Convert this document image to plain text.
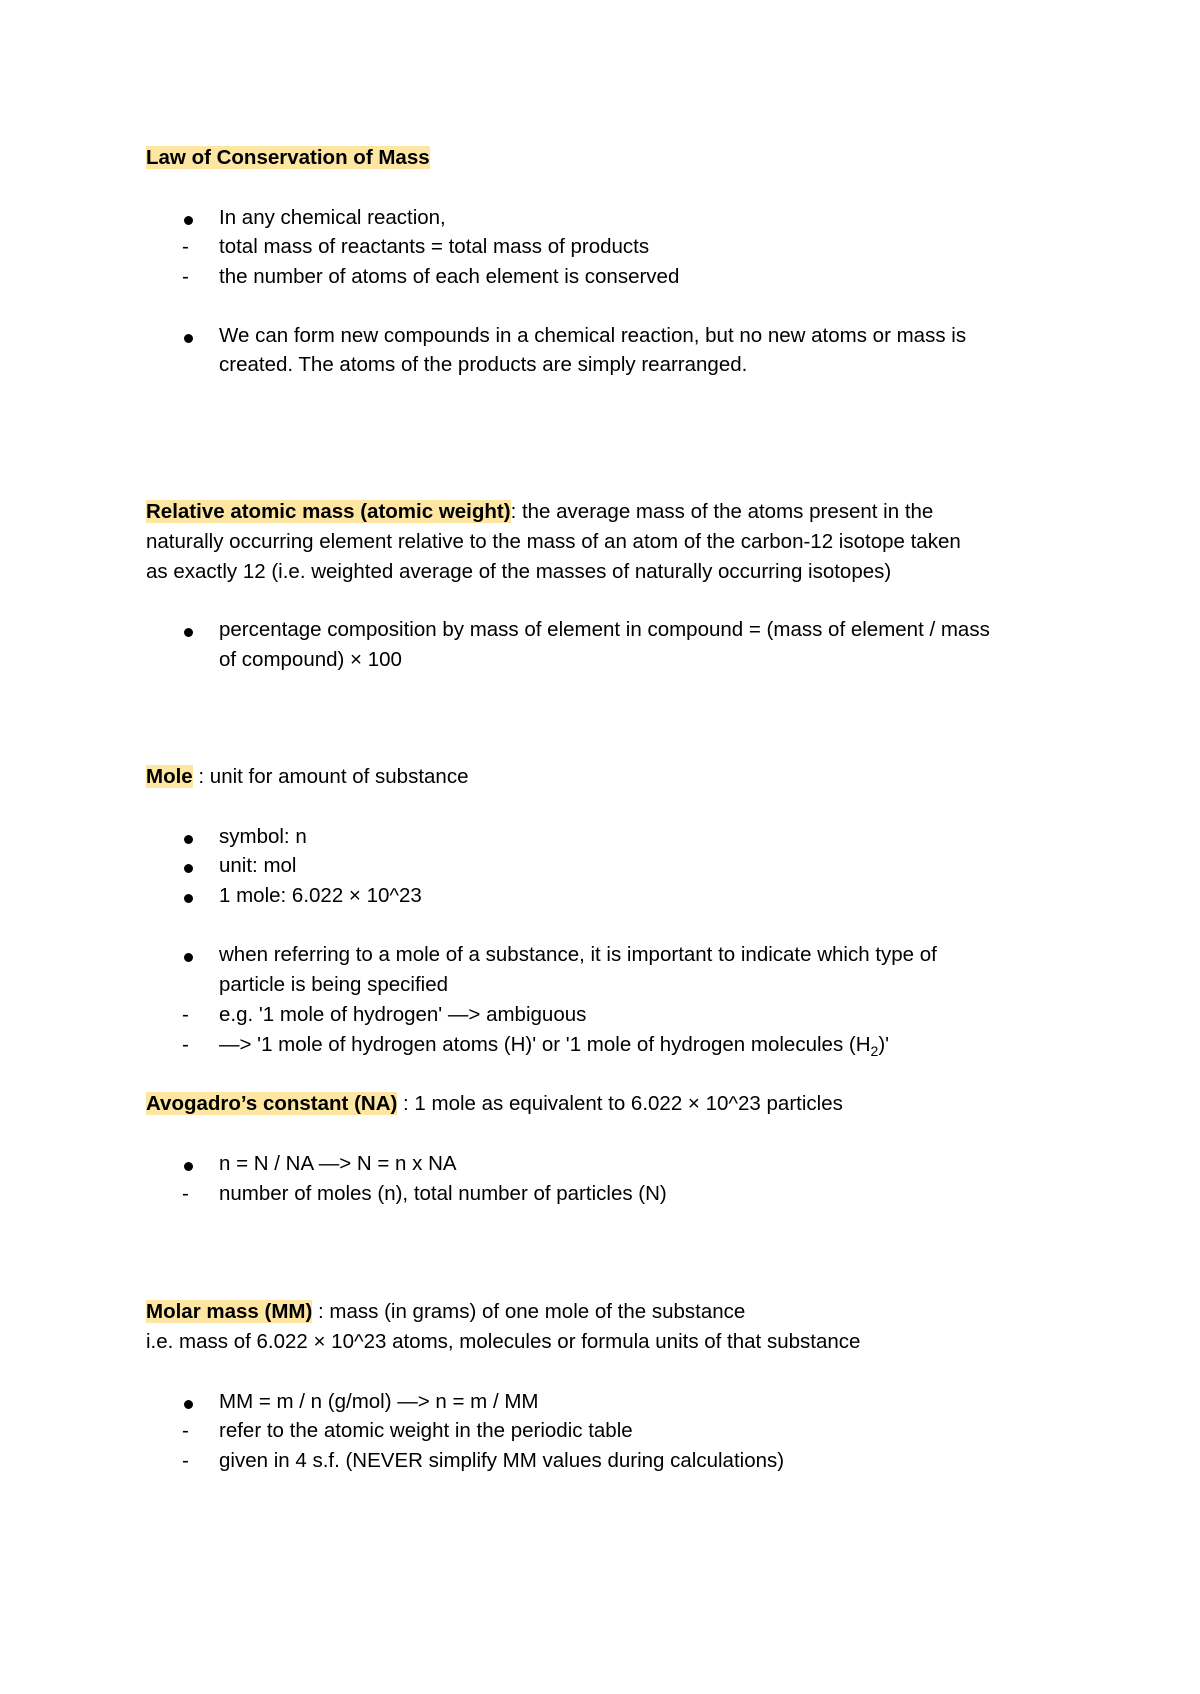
Law of Conservation of Mass
In any chemical reaction,
- total mass of reactants = total mass of products
- the number of atoms of each element is conserved
We can form new compounds in a chemical reaction, but no new atoms or mass is
created. The atoms of the products are simply rearranged.
Relative atomic mass (atomic weight): the average mass of the atoms present in the
naturally occurring element relative to the mass of an atom of the carbon-12 isotope taken
as exactly 12 (i.e. weighted average of the masses of naturally occurring isotopes)
percentage composition by mass of element in compound = (mass of element / mass
of compound) × 100
Mole : unit for amount of substance
symbol: n
unit: mol
1 mole: 6.022 × 10^23
when referring to a mole of a substance, it is important to indicate which type of
particle is being specified
- e.g. '1 mole of hydrogen' —> ambiguous
- —> '1 mole of hydrogen atoms (H)' or '1 mole of hydrogen molecules $(H_2)'$
Avogadro’s constant (NA) : 1 mole as equivalent to 6.022 × 10^23 particles
n = N / NA —> N = n x NA
- number of moles (n), total number of particles (N)
Molar mass (MM) : mass (in grams) of one mole of the substance
i.e. mass of 6.022 × 10^23 atoms, molecules or formula units of that substance
MM = m / n (g/mol) —> n = m / MM
- refer to the atomic weight in the periodic table
- given in 4 s.f. (NEVER simplify MM values during calculations)
